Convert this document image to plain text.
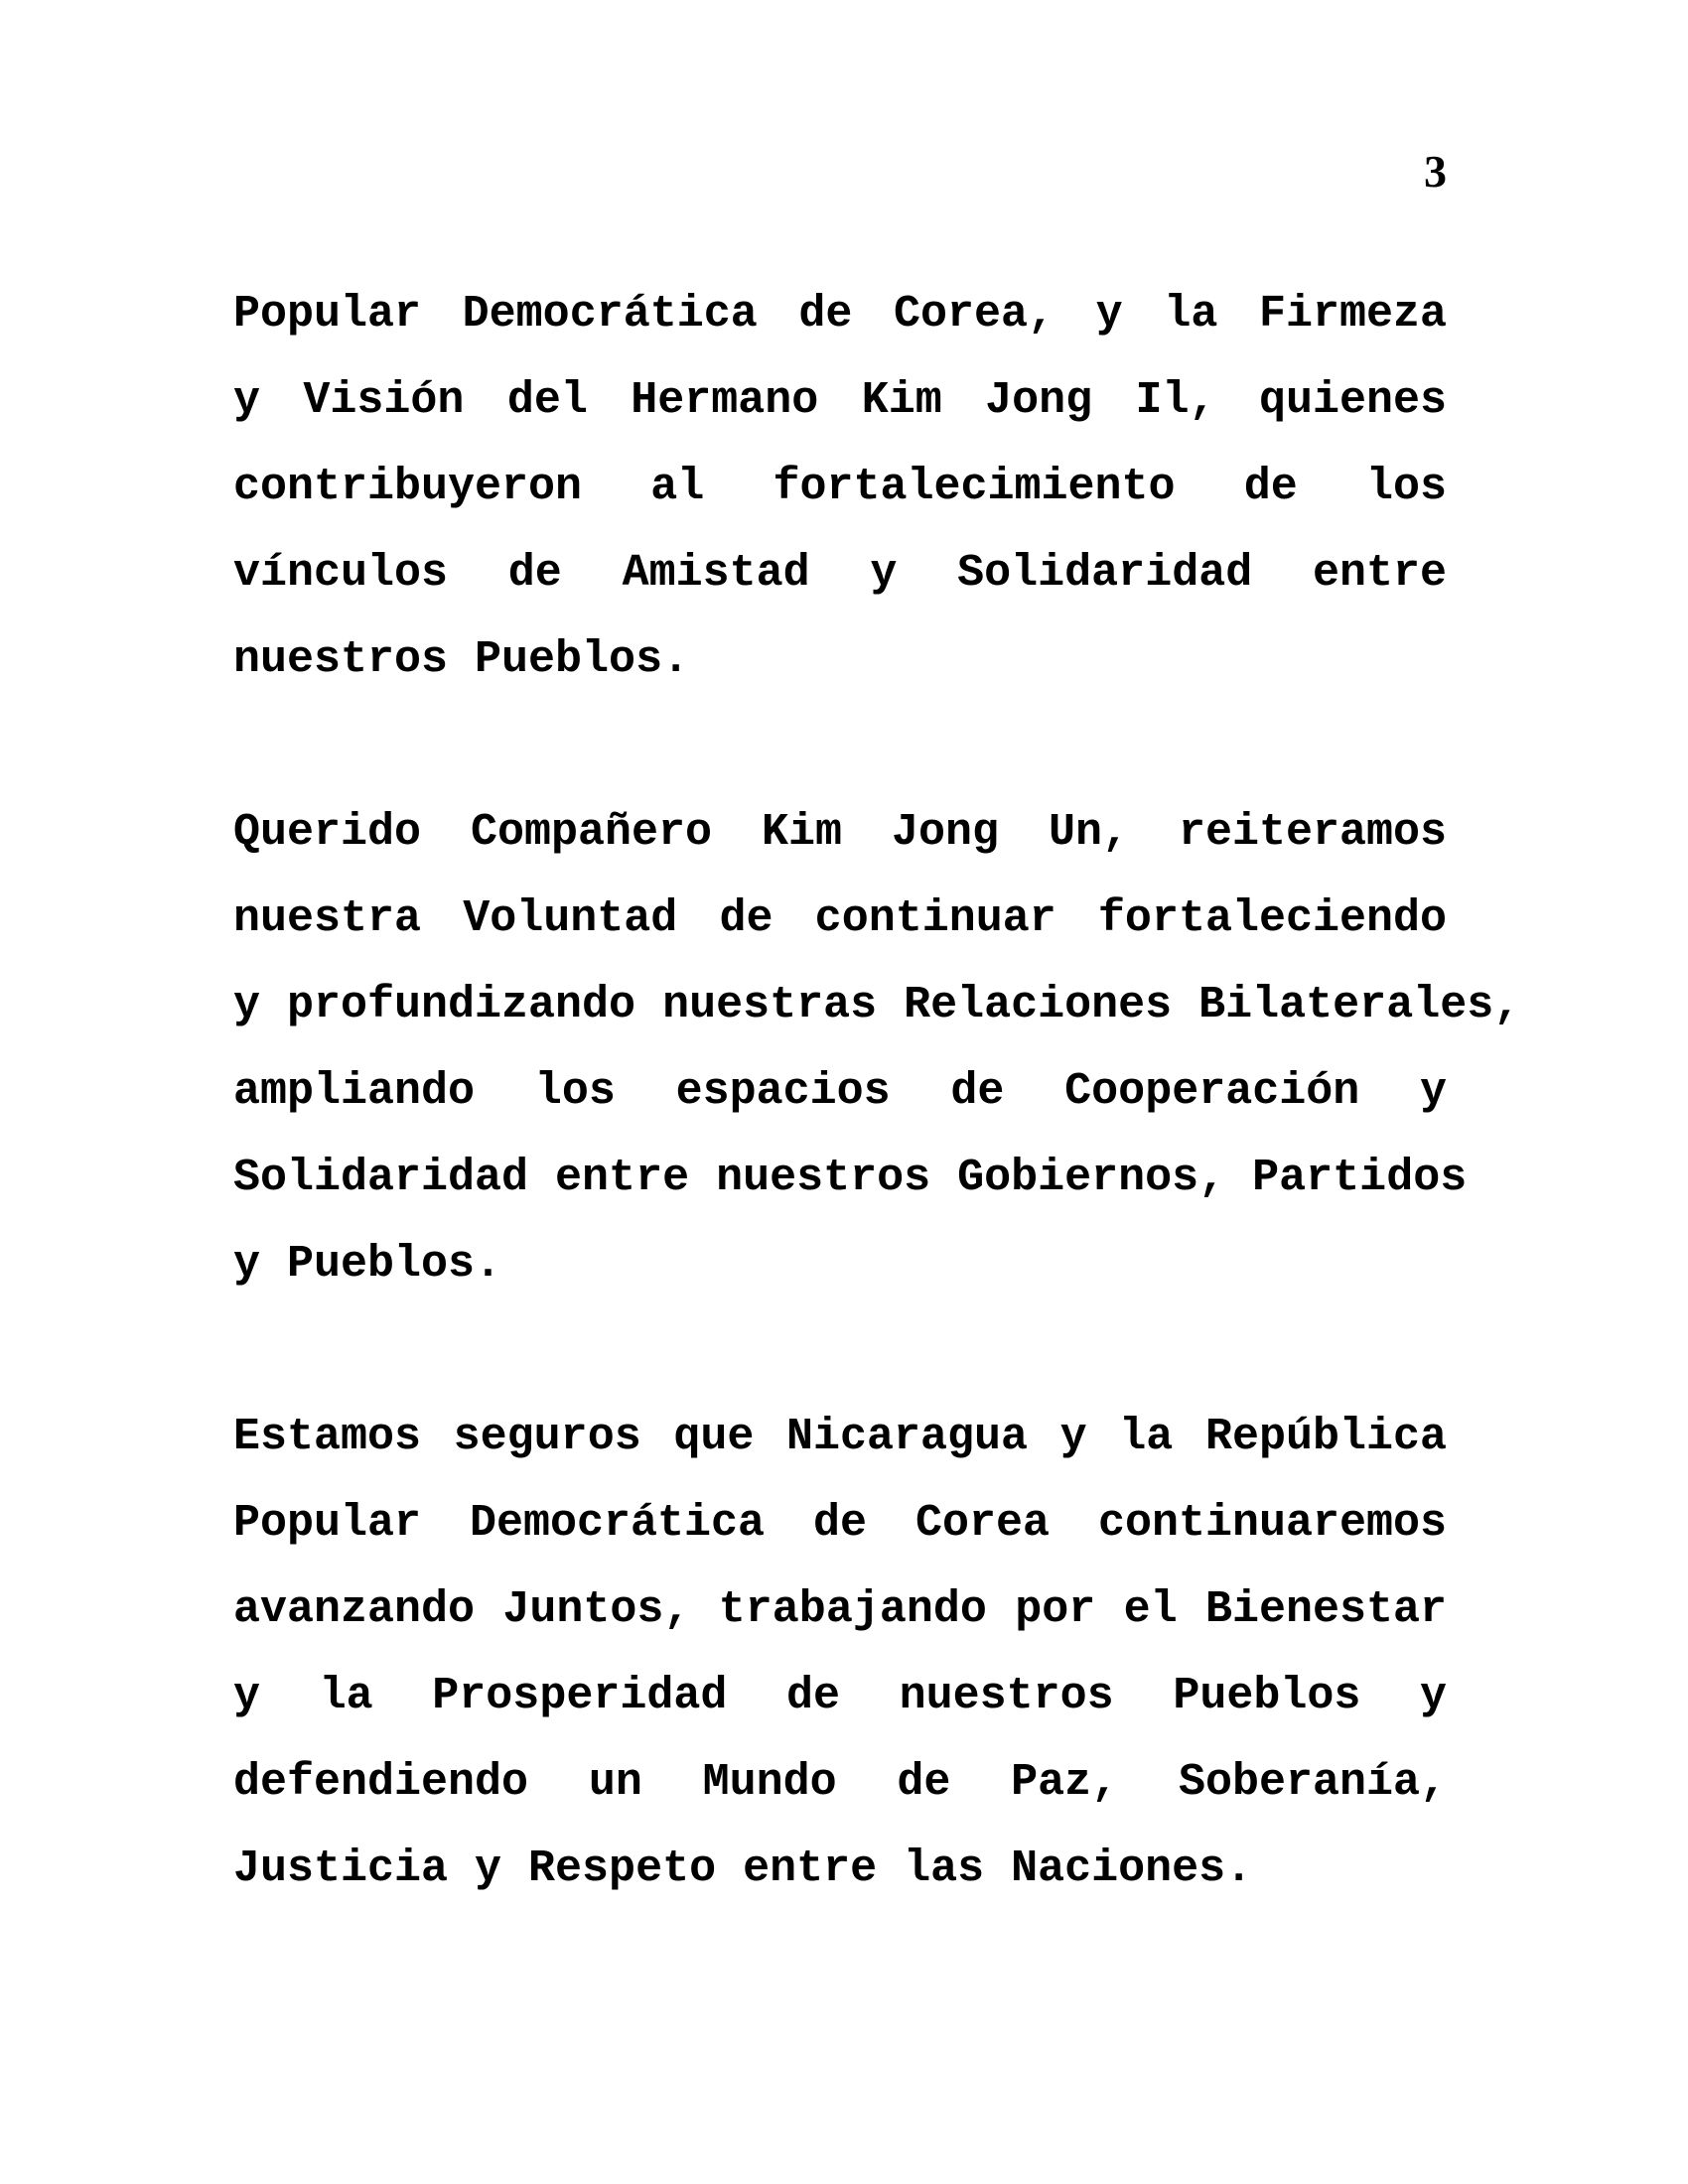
3

Popular Democrática de Corea, y la Firmeza
y Visión del Hermano Kim Jong Il, quienes
contribuyeron al fortalecimiento de los
vínculos de Amistad y Solidaridad entre
nuestros Pueblos.

Querido Compañero Kim Jong Un, reiteramos
nuestra Voluntad de continuar fortaleciendo
y profundizando nuestras Relaciones Bilaterales,
ampliando los espacios de Cooperación y
Solidaridad entre nuestros Gobiernos, Partidos
y Pueblos.

Estamos seguros que Nicaragua y la República
Popular Democrática de Corea continuaremos
avanzando Juntos, trabajando por el Bienestar
y la Prosperidad de nuestros Pueblos y
defendiendo un Mundo de Paz, Soberanía,
Justicia y Respeto entre las Naciones.
